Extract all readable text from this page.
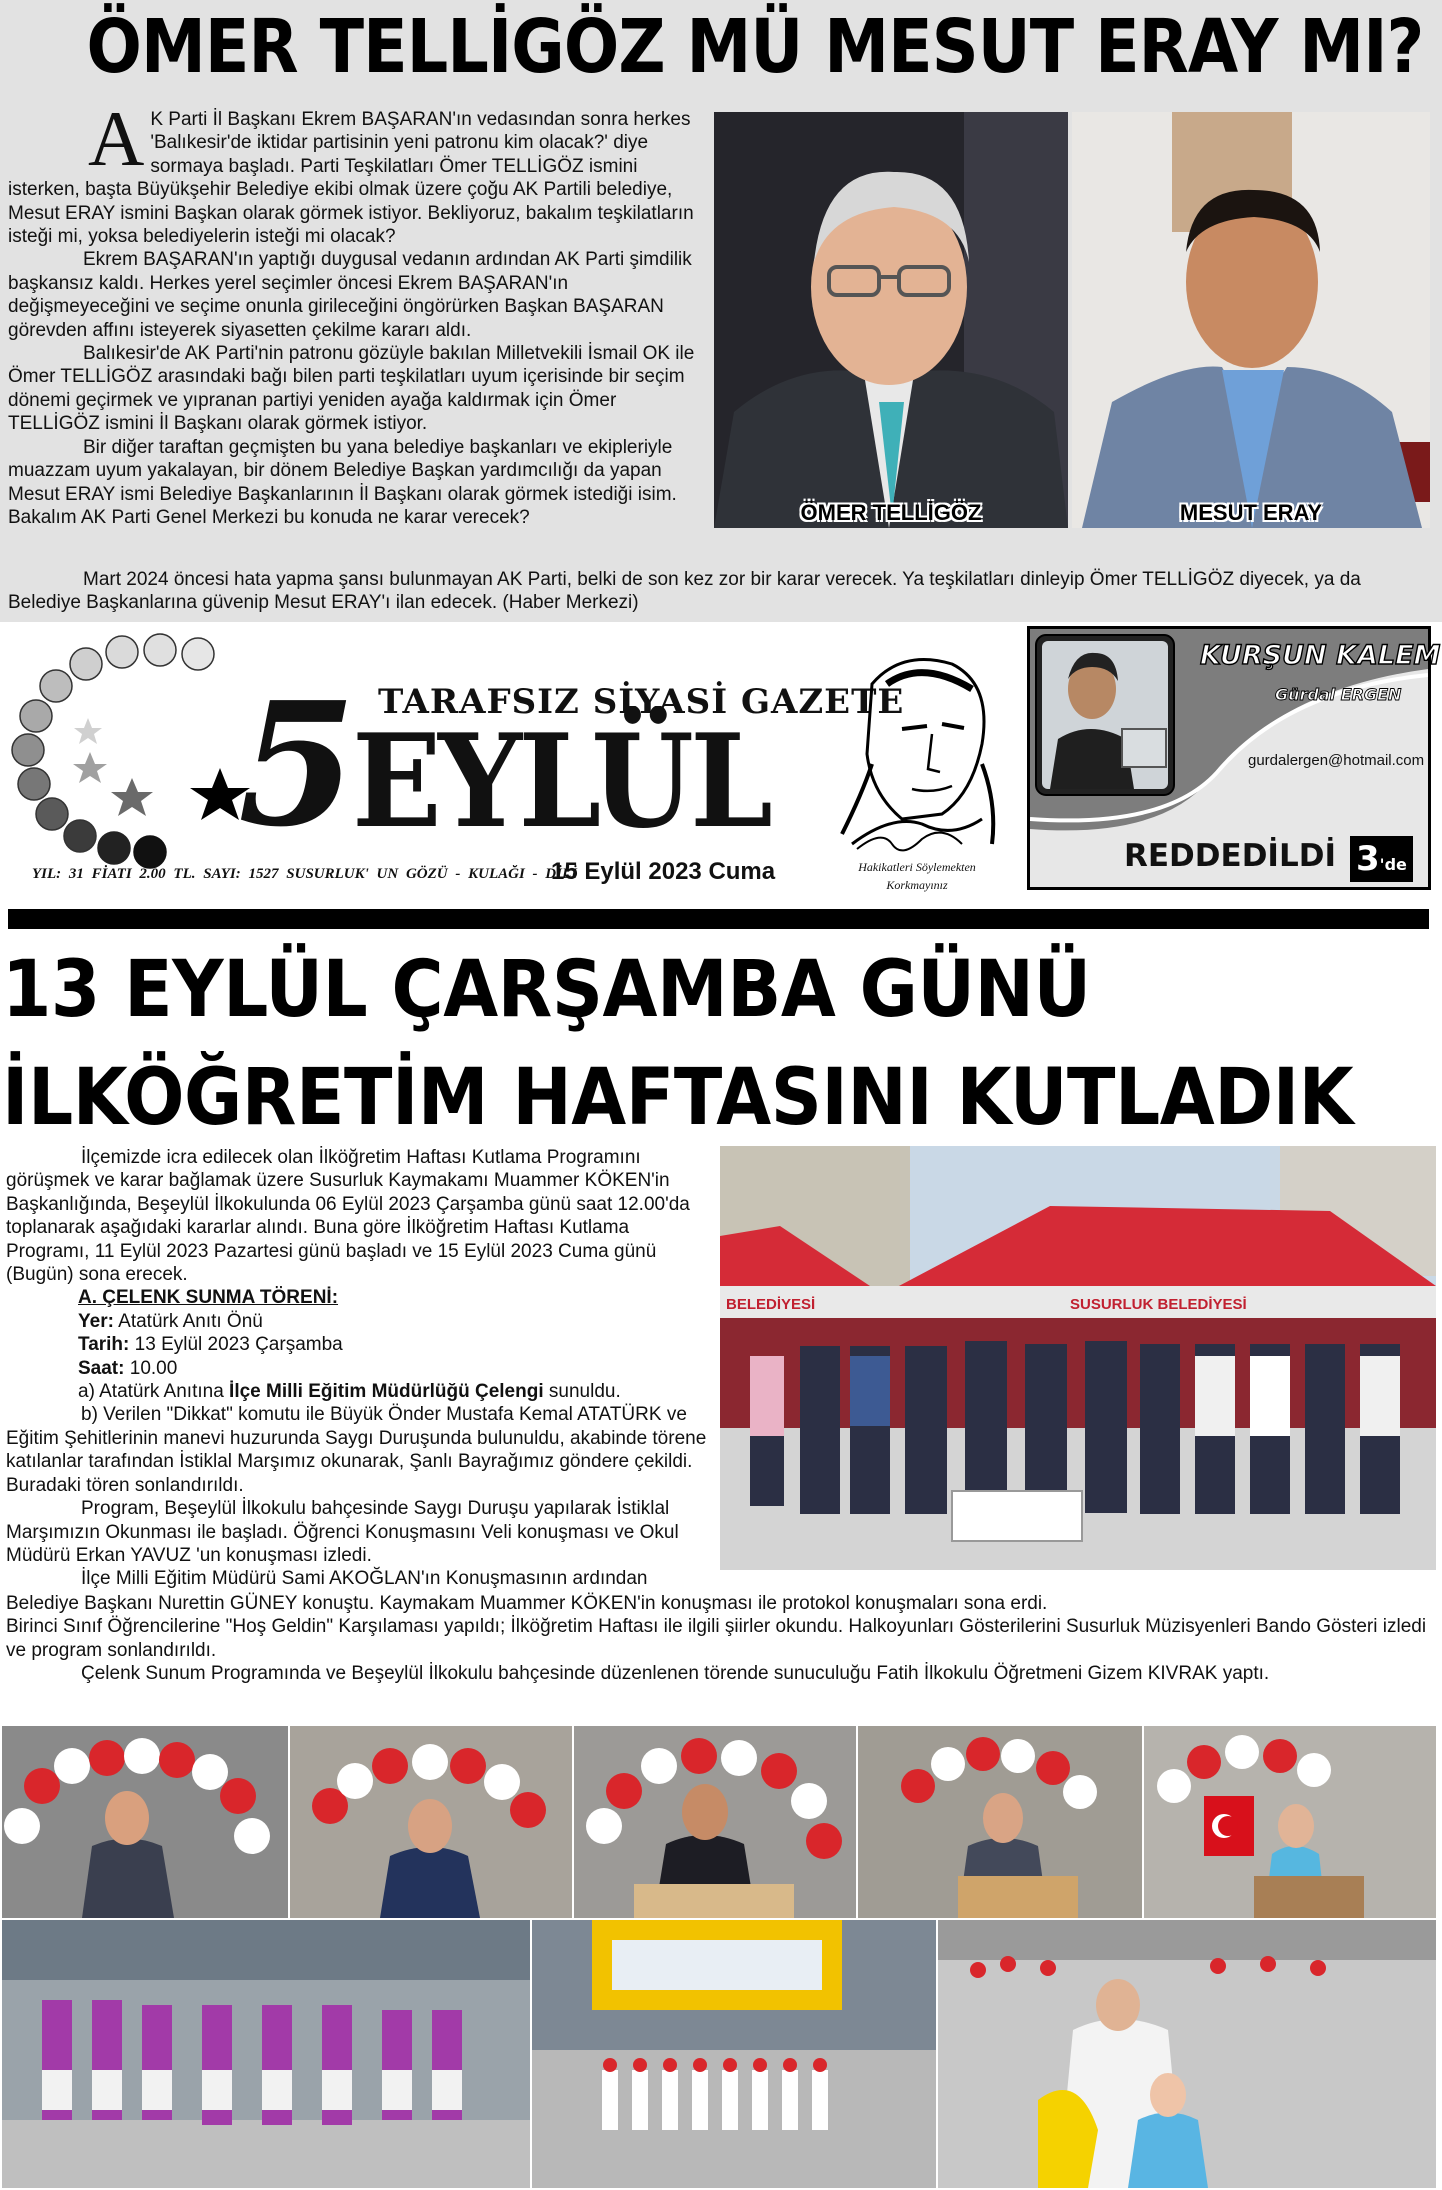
ÖMER TELLİGÖZ MÜ MESUT ERAY MI?
A K Parti İl Başkanı Ekrem BAŞARAN'ın vedasından sonra herkes 'Balıkesir'de iktidar partisinin yeni patronu kim olacak?' diye sormaya başladı. Parti Teşkilatları Ömer TELLİGÖZ ismini isterken, başta Büyükşehir Belediye ekibi olmak üzere çoğu AK Partili belediye, Mesut ERAY ismini Başkan olarak görmek istiyor. Bekliyoruz, bakalım teşkilatların isteği mi, yoksa belediyelerin isteği mi olacak?

Ekrem BAŞARAN'ın yaptığı duygusal vedanın ardından AK Parti şimdilik başkansız kaldı. Herkes yerel seçimler öncesi Ekrem BAŞARAN'ın değişmeyeceğini ve seçime onunla girileceğini öngörürken Başkan BAŞARAN görevden affını isteyerek siyasetten çekilme kararı aldı.

Balıkesir'de AK Parti'nin patronu gözüyle bakılan Milletvekili İsmail OK ile Ömer TELLİGÖZ arasındaki bağı bilen parti teşkilatları uyum içerisinde bir seçim dönemi geçirmek ve yıpranan partiyi yeniden ayağa kaldırmak için Ömer TELLİGÖZ ismini İl Başkanı olarak görmek istiyor.

Bir diğer taraftan geçmişten bu yana belediye başkanları ve ekipleriyle muazzam uyum yakalayan, bir dönem Belediye Başkan yardımcılığı da yapan Mesut ERAY ismi Belediye Başkanlarının İl Başkanı olarak görmek istediği isim. Bakalım AK Parti Genel Merkezi bu konuda ne karar verecek?

Mart 2024 öncesi hata yapma şansı bulunmayan AK Parti, belki de son kez zor bir karar verecek. Ya teşkilatları dinleyip Ömer TELLİGÖZ diyecek, ya da Belediye Başkanlarına güvenip Mesut ERAY'ı ilan edecek. (Haber Merkezi)

ÖMER TELLİGÖZ	MESUT ERAY
TARAFSIZ SİYASİ GAZETE
5
EYLÜL
YIL: 31 FİATI 2.00 TL. SAYI: 1527 SUSURLUK' UN GÖZÜ - KULAĞI - DİLİ
15 Eylül 2023 Cuma	Hakikatleri Söylemekten
Korkmayınız
KURŞUN KALEM
Gürdal ERGEN
gurdalergen@hotmail.com
REDDEDİLDİ 3'de
13 EYLÜL ÇARŞAMBA GÜNÜ
İLKÖĞRETİM HAFTASINI KUTLADIK

İlçemizde icra edilecek olan İlköğretim Haftası Kutlama Programını görüşmek ve karar bağlamak üzere Susurluk Kaymakamı Muammer KÖKEN'in Başkanlığında, Beşeylül İlkokulunda 06 Eylül 2023 Çarşamba günü saat 12.00'da toplanarak aşağıdaki kararlar alındı. Buna göre İlköğretim Haftası Kutlama Programı, 11 Eylül 2023 Pazartesi günü başladı ve 15 Eylül 2023 Cuma günü (Bugün) sona erecek.

A. ÇELENK SUNMA TÖRENİ:

Yer: Atatürk Anıtı Önü

Tarih: 13 Eylül 2023 Çarşamba

Saat: 10.00

a) Atatürk Anıtına İlçe Milli Eğitim Müdürlüğü Çelengi sunuldu.

b) Verilen "Dikkat" komutu ile Büyük Önder Mustafa Kemal ATATÜRK ve Eğitim Şehitlerinin manevi huzurunda Saygı Duruşunda bulunuldu, akabinde törene katılanlar tarafından İstiklal Marşımız okunarak, Şanlı Bayrağımız göndere çekildi. Buradaki tören sonlandırıldı.

Program, Beşeylül İlkokulu bahçesinde Saygı Duruşu yapılarak İstiklal Marşımızın Okunması ile başladı. Öğrenci Konuşmasını Veli konuşması ve Okul Müdürü Erkan YAVUZ 'un konuşması izledi.

İlçe Milli Eğitim Müdürü Sami AKOĞLAN'ın Konuşmasının ardından

Belediye Başkanı Nurettin GÜNEY konuştu. Kaymakam Muammer KÖKEN'in konuşması ile protokol konuşmaları sona erdi.

Birinci Sınıf Öğrencilerine "Hoş Geldin" Karşılaması yapıldı; İlköğretim Haftası ile ilgili şiirler okundu. Halkoyunları Gösterilerini Susurluk Müzisyenleri Bando Gösteri izledi ve program sonlandırıldı.

Çelenk Sunum Programında ve Beşeylül İlkokulu bahçesinde düzenlenen törende sunuculuğu Fatih İlkokulu Öğretmeni Gizem KIVRAK yaptı.

BELEDİYESİ	SUSURLUK BELEDİYESİ
